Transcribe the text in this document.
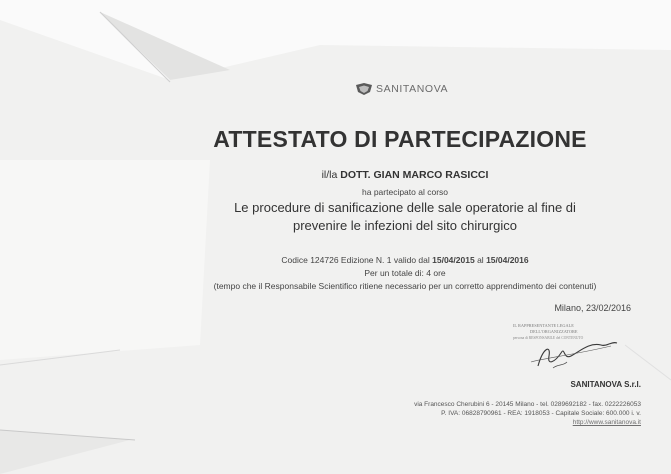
SANITANOVA
ATTESTATO DI PARTECIPAZIONE
il/la DOTT. GIAN MARCO RASICCI
ha partecipato al corso
Le procedure di sanificazione delle sale operatorie al fine di
prevenire le infezioni del sito chirurgico
Codice 124726 Edizione N. 1 valido dal 15/04/2015 al 15/04/2016
Per un totale di: 4 ore
(tempo che il Responsabile Scientifico ritiene necessario per un corretto apprendimento dei contenuti)
Milano, 23/02/2016
IL RAPPRESENTANTE LEGALE
DELL'ORGANIZZATORE
persona di RESPONSABILE del CONTENUTO
SANITANOVA S.r.l.
via Francesco Cherubini 6 - 20145 Milano - tel. 0289692182 - fax. 0222226053
P. IVA: 06828790961 - REA: 1918053 - Capitale Sociale: 600.000 i. v.
http://www.sanitanova.it
